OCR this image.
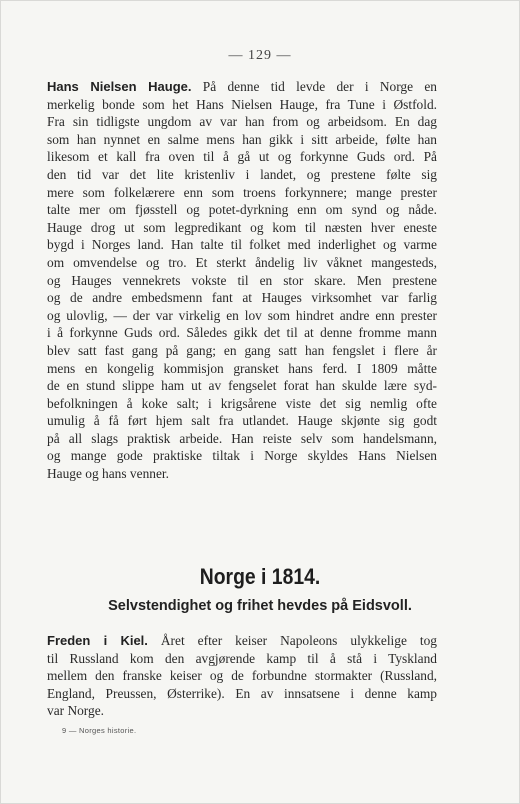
— 129 —
Hans Nielsen Hauge. På denne tid levde der i Norge en
merkelig bonde som het Hans Nielsen Hauge, fra Tune i Østfold.
Fra sin tidligste ungdom av var han from og arbeidsom. En dag
som han nynnet en salme mens han gikk i sitt arbeide, følte han
likesom et kall fra oven til å gå ut og forkynne Guds ord. På
den tid var det lite kristenliv i landet, og prestene følte sig
mere som folkelærere enn som troens forkynnere; mange prester
talte mer om fjøsstell og potet-dyrkning enn om synd og nåde.
Hauge drog ut som legpredikant og kom til næsten hver eneste
bygd i Norges land. Han talte til folket med inderlighet og varme
om omvendelse og tro. Et sterkt åndelig liv våknet mangesteds,
og Hauges vennekrets vokste til en stor skare. Men prestene
og de andre embedsmenn fant at Hauges virksomhet var farlig
og ulovlig, — der var virkelig en lov som hindret andre enn prester
i å forkynne Guds ord. Således gikk det til at denne fromme mann
blev satt fast gang på gang; en gang satt han fengslet i flere år
mens en kongelig kommisjon gransket hans ferd. I 1809 måtte
de en stund slippe ham ut av fengselet forat han skulde lære syd-
befolkningen å koke salt; i krigsårene viste det sig nemlig ofte
umulig å få ført hjem salt fra utlandet. Hauge skjønte sig godt
på all slags praktisk arbeide. Han reiste selv som handelsmann,
og mange gode praktiske tiltak i Norge skyldes Hans Nielsen
Hauge og hans venner.
Norge i 1814.
Selvstendighet og frihet hevdes på Eidsvoll.
Freden i Kiel. Året efter keiser Napoleons ulykkelige tog
til Russland kom den avgjørende kamp til å stå i Tyskland
mellem den franske keiser og de forbundne stormakter (Russland,
England, Preussen, Østerrike). En av innsatsene i denne kamp
var Norge.
9 — Norges historie.
